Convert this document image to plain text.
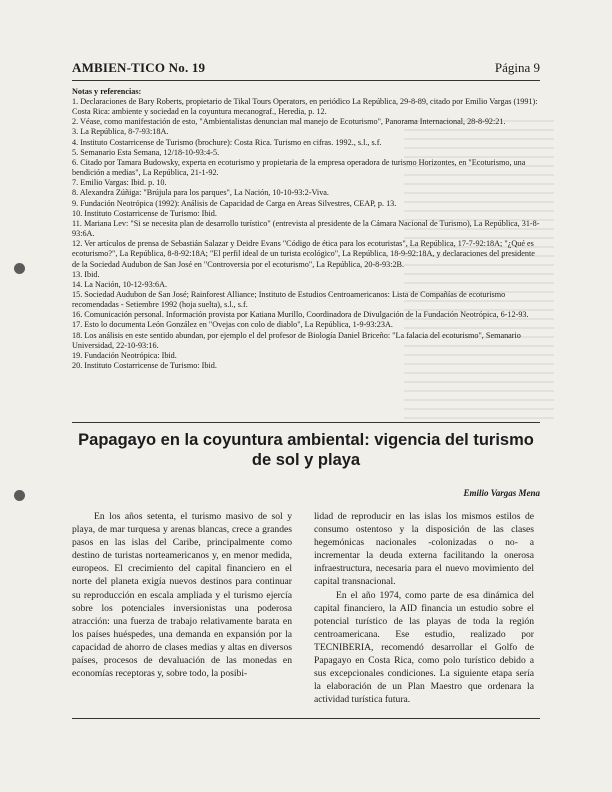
AMBIEN-TICO No. 19	Página 9
Notas y referencias:
1. Declaraciones de Bary Roberts, propietario de Tikal Tours Operators, en periódico La República, 29-8-89, citado por Emilio Vargas (1991): Costa Rica: ambiente y sociedad en la coyuntura mecanograf., Heredia, p. 12.
2. Véase, como manifestación de esto, "Ambientalistas denuncian mal manejo de Ecoturismo", Panorama Internacional, 28-8-92:21.
3. La República, 8-7-93:18A.
4. Instituto Costarricense de Turismo (brochure): Costa Rica. Turismo en cifras. 1992., s.l., s.f.
5. Semanario Esta Semana, 12/18-10-93:4-5.
6. Citado por Tamara Budowsky, experta en ecoturismo y propietaria de la empresa operadora de turismo Horizontes, en "Ecoturismo, una bendición a medias", La República, 21-1-92.
7. Emilio Vargas: Ibid. p. 10.
8. Alexandra Zúñiga: "Brújula para los parques", La Nación, 10-10-93:2-Viva.
9. Fundación Neotrópica (1992): Análisis de Capacidad de Carga en Areas Silvestres, CEAP, p. 13.
10. Instituto Costarricense de Turismo: Ibid.
11. Mariana Lev: "Si se necesita plan de desarrollo turístico" (entrevista al presidente de la Cámara Nacional de Turismo), La República, 31-8-93:6A.
12. Ver artículos de prensa de Sebastián Salazar y Deidre Evans "Código de ética para los ecoturistas", La República, 17-7-92:18A; "¿Qué es ecoturismo?", La República, 8-8-92:18A; "El perfil ideal de un turista ecológico", La República, 18-9-92:18A, y declaraciones del presidente de la Sociedad Audubon de San José en "Controversia por el ecoturismo", La República, 20-8-93:2B.
13. Ibid.
14. La Nación, 10-12-93:6A.
15. Sociedad Audubon de San José; Rainforest Alliance; Instituto de Estudios Centroamericanos: Lista de Compañías de ecoturismo recomendadas - Setiembre 1992 (hoja suelta), s.l., s.f.
16. Comunicación personal. Información provista por Katiana Murillo, Coordinadora de Divulgación de la Fundación Neotrópica, 6-12-93.
17. Esto lo documenta León González en "Ovejas con colo de diablo", La República, 1-9-93:23A.
18. Los análisis en este sentido abundan, por ejemplo el del profesor de Biología Daniel Briceño: "La falacia del ecoturismo", Semanario Universidad, 22-10-93:16.
19. Fundación Neotrópica: Ibid.
20. Instituto Costarricense de Turismo: Ibid.
Papagayo en la coyuntura ambiental: vigencia del turismo
de sol y playa
Emilio Vargas Mena

En los años setenta, el turismo masivo de sol y playa, de mar turquesa y arenas blancas, crece a grandes pasos en las islas del Caribe, principalmente como destino de turistas norteamericanos y, en menor medida, europeos. El crecimiento del capital financiero en el norte del planeta exigía nuevos destinos para continuar su reproducción en escala ampliada y el turismo ejercía sobre los potenciales inversionistas una poderosa atracción: una fuerza de trabajo relativamente barata en los países huéspedes, una demanda en expansión por la capacidad de ahorro de clases medias y altas en diversos países, procesos de devaluación de las monedas en economías receptoras y, sobre todo, la posibi-

lidad de reproducir en las islas los mismos estilos de consumo ostentoso y la disposición de las clases hegemónicas nacionales -colonizadas o no- a incrementar la deuda externa facilitando la onerosa infraestructura, necesaria para el nuevo movimiento del capital transnacional.

En el año 1974, como parte de esa dinámica del capital financiero, la AID financia un estudio sobre el potencial turístico de las playas de toda la región centroamericana. Ese estudio, realizado por TECNIBERIA, recomendó desarrollar el Golfo de Papagayo en Costa Rica, como polo turístico debido a sus excepcionales condiciones. La siguiente etapa sería la elaboración de un Plan Maestro que ordenara la actividad turística futura.
